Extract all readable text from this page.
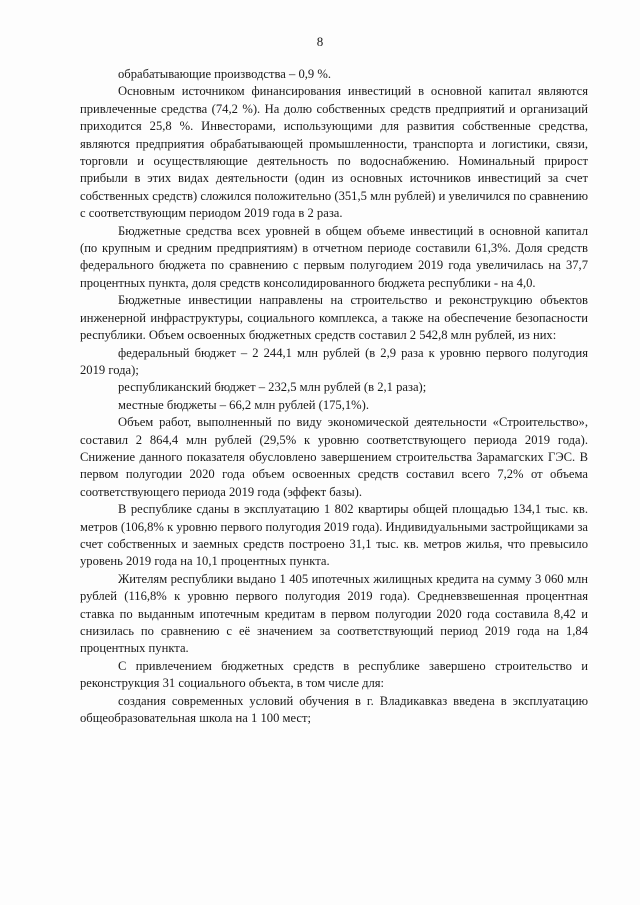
8

обрабатывающие производства – 0,9 %.

Основным источником финансирования инвестиций в основной капитал являются привлеченные средства (74,2 %). На долю собственных средств предприятий и организаций приходится 25,8 %. Инвесторами, использующими для развития собственные средства, являются предприятия обрабатывающей промышленности, транспорта и логистики, связи, торговли и осуществляющие деятельность по водоснабжению. Номинальный прирост прибыли в этих видах деятельности (один из основных источников инвестиций за счет собственных средств) сложился положительно (351,5 млн рублей) и увеличился по сравнению с соответствующим периодом 2019 года в 2 раза.

Бюджетные средства всех уровней в общем объеме инвестиций в основной капитал (по крупным и средним предприятиям) в отчетном периоде составили 61,3%. Доля средств федерального бюджета по сравнению с первым полугодием 2019 года увеличилась на 37,7 процентных пункта, доля средств консолидированного бюджета республики - на 4,0.

Бюджетные инвестиции направлены на строительство и реконструкцию объектов инженерной инфраструктуры, социального комплекса, а также на обеспечение безопасности республики. Объем освоенных бюджетных средств составил 2 542,8 млн рублей, из них:

федеральный бюджет – 2 244,1 млн рублей (в 2,9 раза к уровню первого полугодия 2019 года);

республиканский бюджет – 232,5 млн рублей (в 2,1 раза);

местные бюджеты – 66,2 млн рублей (175,1%).

Объем работ, выполненный по виду экономической деятельности «Строительство», составил 2 864,4 млн рублей (29,5% к уровню соответствующего периода 2019 года). Снижение данного показателя обусловлено завершением строительства Зарамагских ГЭС. В первом полугодии 2020 года объем освоенных средств составил всего 7,2% от объема соответствующего периода 2019 года (эффект базы).

В республике сданы в эксплуатацию 1 802 квартиры общей площадью 134,1 тыс. кв. метров (106,8% к уровню первого полугодия 2019 года). Индивидуальными застройщиками за счет собственных и заемных средств построено 31,1 тыс. кв. метров жилья, что превысило уровень 2019 года на 10,1 процентных пункта.

Жителям республики выдано 1 405 ипотечных жилищных кредита на сумму 3 060 млн рублей (116,8% к уровню первого полугодия 2019 года). Средневзвешенная процентная ставка по выданным ипотечным кредитам в первом полугодии 2020 года составила 8,42 и снизилась по сравнению с её значением за соответствующий период 2019 года на 1,84 процентных пункта.

С привлечением бюджетных средств в республике завершено строительство и реконструкция 31 социального объекта, в том числе для:

создания современных условий обучения в г. Владикавказ введена в эксплуатацию общеобразовательная школа на 1 100 мест;
